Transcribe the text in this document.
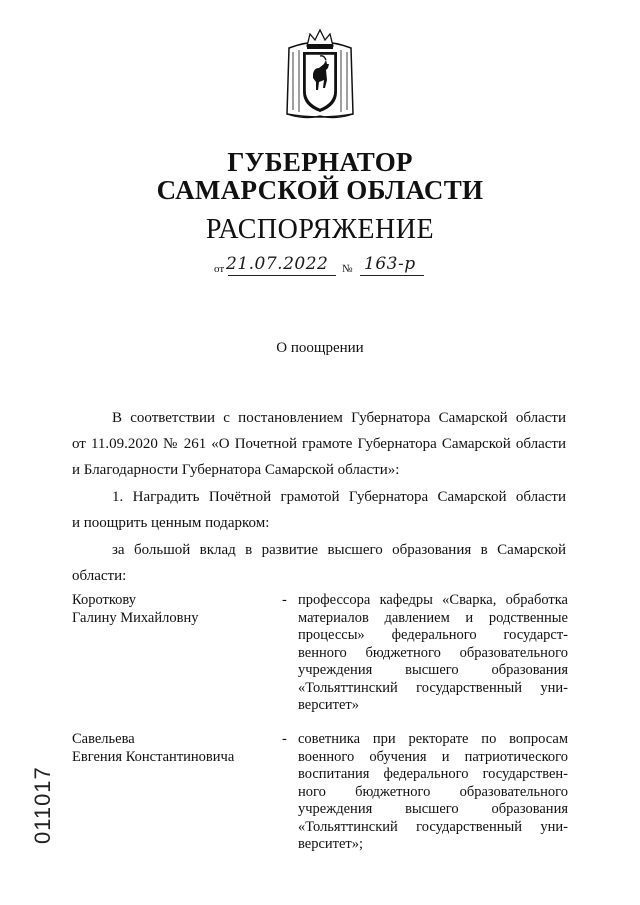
ГУБЕРНАТОР
САМАРСКОЙ ОБЛАСТИ
РАСПОРЯЖЕНИЕ
от 21.07.2022 № 163-р
О поощрении
В соответствии с постановлением Губернатора Самарской области
от 11.09.2020 № 261 «О Почетной грамоте Губернатора Самарской области
и Благодарности Губернатора Самарской области»:
1. Наградить Почётной грамотой Губернатора Самарской области
и поощрить ценным подарком:
за большой вклад в развитие высшего образования в Самарской
области:
Короткову
Галину Михайловну
- профессора кафедры «Сварка, обработка
материалов давлением и родственные
процессы» федерального государст-
венного бюджетного образовательного
учреждения высшего образования
«Тольяттинский государственный уни-
верситет»
Савельева
Евгения Константиновича
- советника при ректорате по вопросам
военного обучения и патриотического
воспитания федерального государствен-
ного бюджетного образовательного
учреждения высшего образования
«Тольяттинский государственный уни-
верситет»;
011017
